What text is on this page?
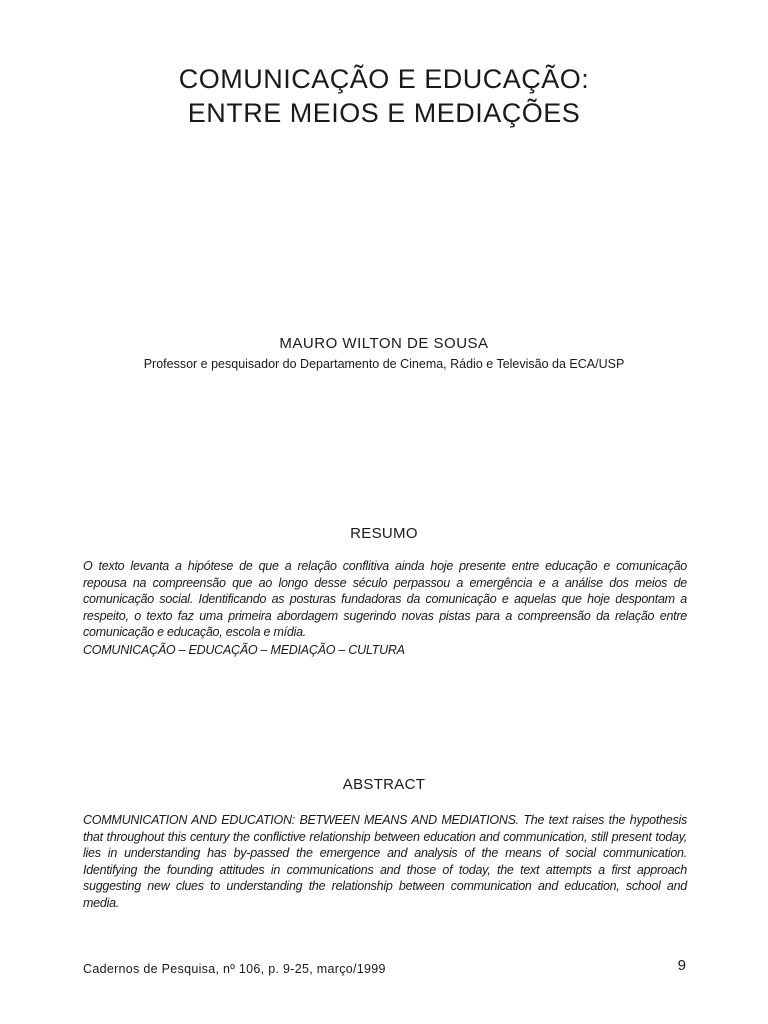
COMUNICAÇÃO E EDUCAÇÃO:

ENTRE MEIOS E MEDIAÇÕES

MAURO WILTON DE SOUSA
Professor e pesquisador do Departamento de Cinema, Rádio e Televisão da ECA/USP
RESUMO
O texto levanta a hipótese de que a relação conflitiva ainda hoje presente entre educação e comunicação repousa na compreensão que ao longo desse século perpassou a emergência e a análise dos meios de comunicação social. Identificando as posturas fundadoras da comunicação e aquelas que hoje despontam a respeito, o texto faz uma primeira abordagem sugerindo novas pistas para a compreensão da relação entre comunicação e educação, escola e mídia.
COMUNICAÇÃO – EDUCAÇÃO – MEDIAÇÃO – CULTURA
ABSTRACT
COMMUNICATION AND EDUCATION: BETWEEN MEANS AND MEDIATIONS. The text raises the hypothesis that throughout this century the conflictive relationship between education and communication, still present today, lies in understanding has by-passed the emergence and analysis of the means of social communication. Identifying the founding attitudes in communications and those of today, the text attempts a first approach suggesting new clues to understanding the relationship between communication and education, school and media.
Cadernos de Pesquisa, nº 106, p. 9-25, março/1999	9
